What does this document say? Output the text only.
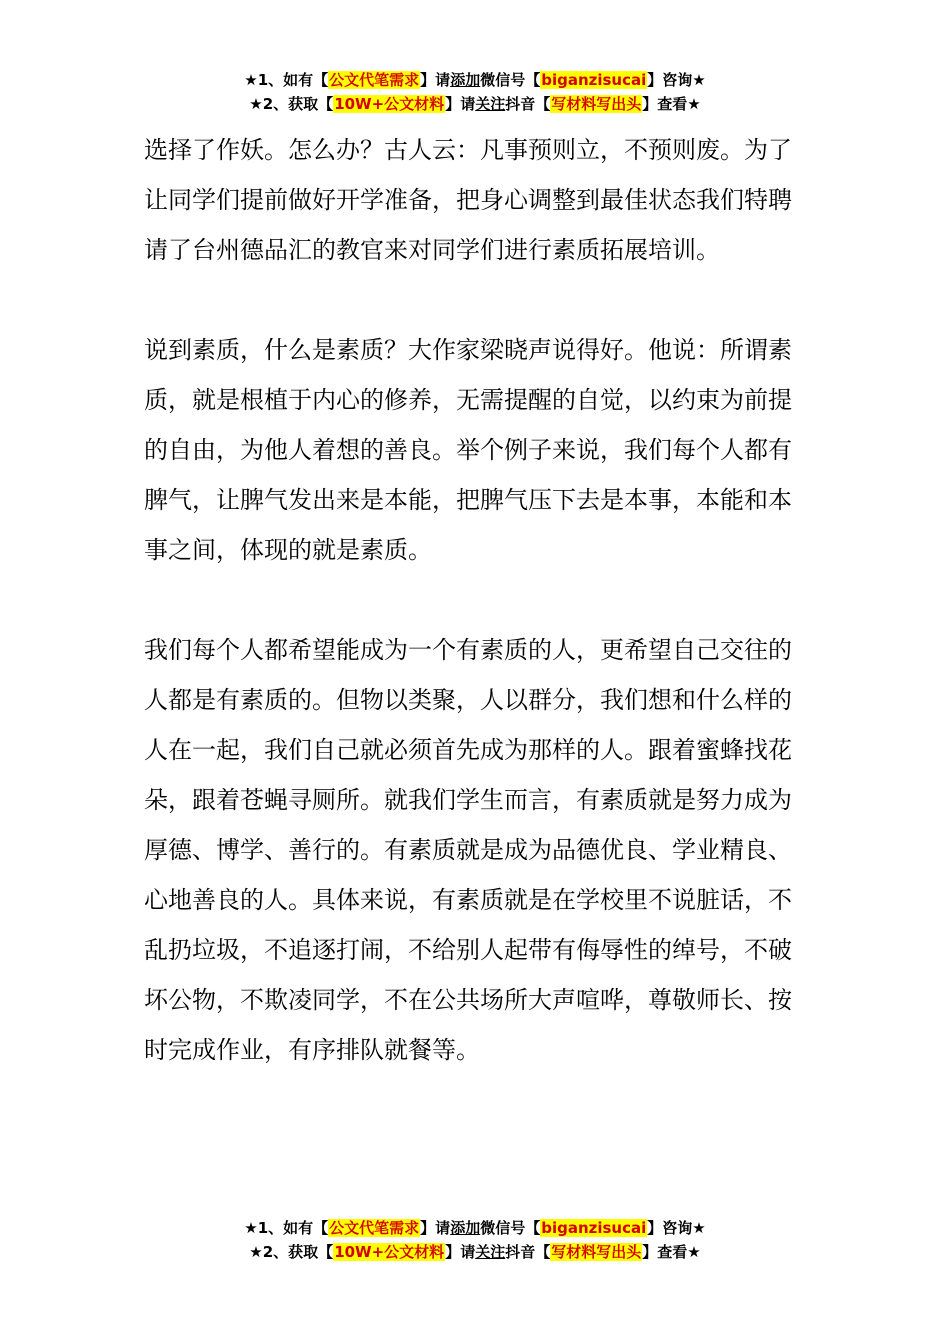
★1、如有【公文代笔需求】请添加微信号【biganzisucai】咨询★
★2、获取【10W+公文材料】请关注抖音【写材料写出头】查看★

选择了作妖。怎么办？古人云：凡事预则立，不预则废。为了让同学们提前做好开学准备，把身心调整到最佳状态我们特聘请了台州德品汇的教官来对同学们进行素质拓展培训。

说到素质，什么是素质？大作家梁晓声说得好。他说：所谓素质，就是根植于内心的修养，无需提醒的自觉，以约束为前提的自由，为他人着想的善良。举个例子来说，我们每个人都有脾气，让脾气发出来是本能，把脾气压下去是本事，本能和本事之间，体现的就是素质。

我们每个人都希望能成为一个有素质的人，更希望自己交往的人都是有素质的。但物以类聚，人以群分，我们想和什么样的人在一起，我们自己就必须首先成为那样的人。跟着蜜蜂找花朵，跟着苍蝇寻厕所。就我们学生而言，有素质就是努力成为厚德、博学、善行的。有素质就是成为品德优良、学业精良、心地善良的人。具体来说，有素质就是在学校里不说脏话，不乱扔垃圾，不追逐打闹，不给别人起带有侮辱性的绰号，不破坏公物，不欺凌同学，不在公共场所大声喧哗，尊敬师长、按时完成作业，有序排队就餐等。

★1、如有【公文代笔需求】请添加微信号【biganzisucai】咨询★
★2、获取【10W+公文材料】请关注抖音【写材料写出头】查看★
